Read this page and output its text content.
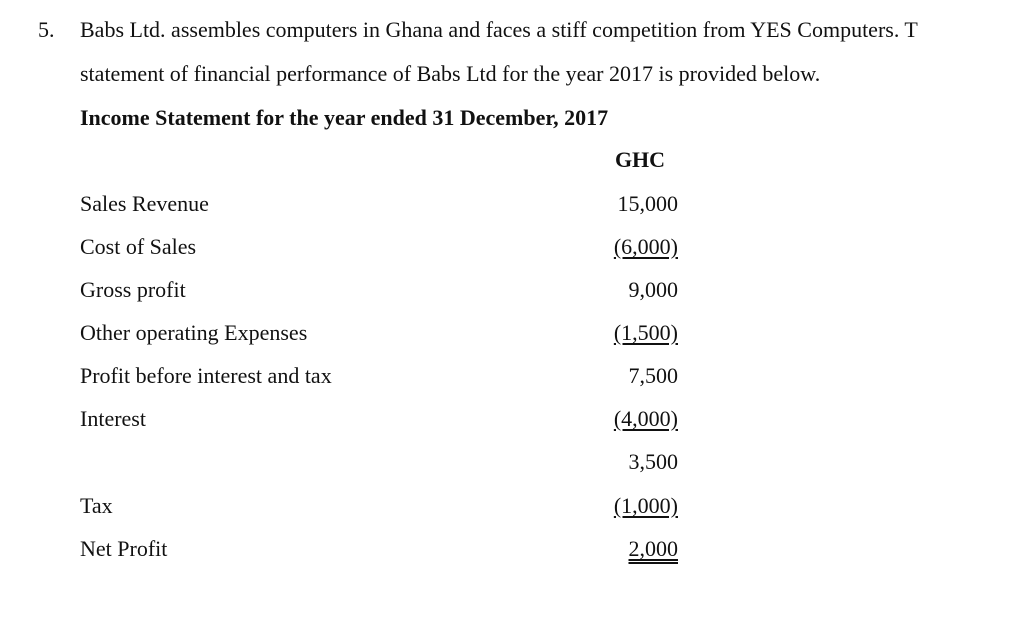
5. Babs Ltd. assembles computers in Ghana and faces a stiff competition from YES Computers. T
statement of financial performance of Babs Ltd for the year 2017 is provided below.
Income Statement for the year ended 31 December, 2017
GHC
Sales Revenue	15,000
Cost of Sales	(6,000)
Gross profit	9,000
Other operating Expenses	(1,500)
Profit before interest and tax	7,500
Interest	(4,000)
3,500
Tax	(1,000)
Net Profit	2,000
